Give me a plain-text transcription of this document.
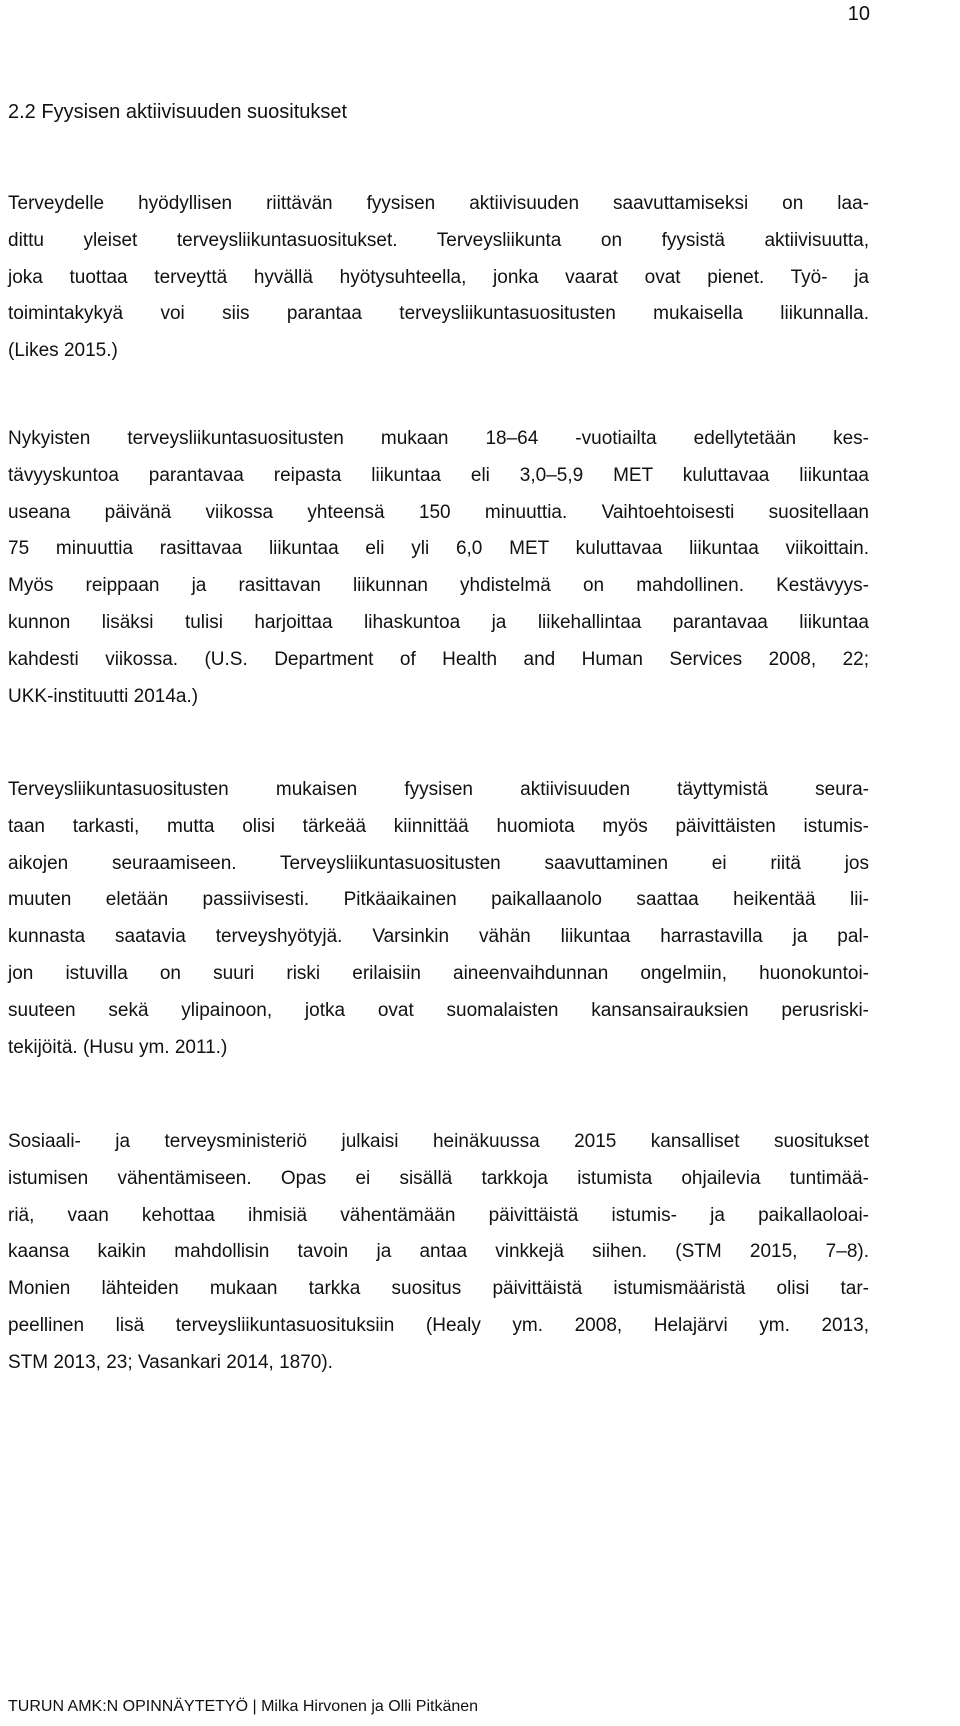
10
2.2 Fyysisen aktiivisuuden suositukset
Terveydelle hyödyllisen riittävän fyysisen aktiivisuuden saavuttamiseksi on laa-
dittu yleiset terveysliikuntasuositukset. Terveysliikunta on fyysistä aktiivisuutta,
joka tuottaa terveyttä hyvällä hyötysuhteella, jonka vaarat ovat pienet. Työ- ja
toimintakykyä voi siis parantaa terveysliikuntasuositusten mukaisella liikunnalla.
(Likes 2015.)
Nykyisten terveysliikuntasuositusten mukaan 18–64 -vuotiailta edellytetään kes-
tävyyskuntoa parantavaa reipasta liikuntaa eli 3,0–5,9 MET kuluttavaa liikuntaa
useana päivänä viikossa yhteensä 150 minuuttia. Vaihtoehtoisesti suositellaan
75 minuuttia rasittavaa liikuntaa eli yli 6,0 MET kuluttavaa liikuntaa viikoittain.
Myös reippaan ja rasittavan liikunnan yhdistelmä on mahdollinen. Kestävyys-
kunnon lisäksi tulisi harjoittaa lihaskuntoa ja liikehallintaa parantavaa liikuntaa
kahdesti viikossa. (U.S. Department of Health and Human Services 2008, 22;
UKK-instituutti 2014a.)
Terveysliikuntasuositusten mukaisen fyysisen aktiivisuuden täyttymistä seura-
taan tarkasti, mutta olisi tärkeää kiinnittää huomiota myös päivittäisten istumis-
aikojen seuraamiseen. Terveysliikuntasuositusten saavuttaminen ei riitä jos
muuten eletään passiivisesti. Pitkäaikainen paikallaanolo saattaa heikentää lii-
kunnasta saatavia terveyshyötyjä. Varsinkin vähän liikuntaa harrastavilla ja pal-
jon istuvilla on suuri riski erilaisiin aineenvaihdunnan ongelmiin, huonokuntoi-
suuteen sekä ylipainoon, jotka ovat suomalaisten kansansairauksien perusriski-
tekijöitä. (Husu ym. 2011.)
Sosiaali- ja terveysministeriö julkaisi heinäkuussa 2015 kansalliset suositukset
istumisen vähentämiseen. Opas ei sisällä tarkkoja istumista ohjailevia tuntimää-
riä, vaan kehottaa ihmisiä vähentämään päivittäistä istumis- ja paikallaoloai-
kaansa kaikin mahdollisin tavoin ja antaa vinkkejä siihen. (STM 2015, 7–8).
Monien lähteiden mukaan tarkka suositus päivittäistä istumismääristä olisi tar-
peellinen lisä terveysliikuntasuosituksiin (Healy ym. 2008, Helajärvi ym. 2013,
STM 2013, 23; Vasankari 2014, 1870).
TURUN AMK:N OPINNÄYTETYÖ | Milka Hirvonen ja Olli Pitkänen
